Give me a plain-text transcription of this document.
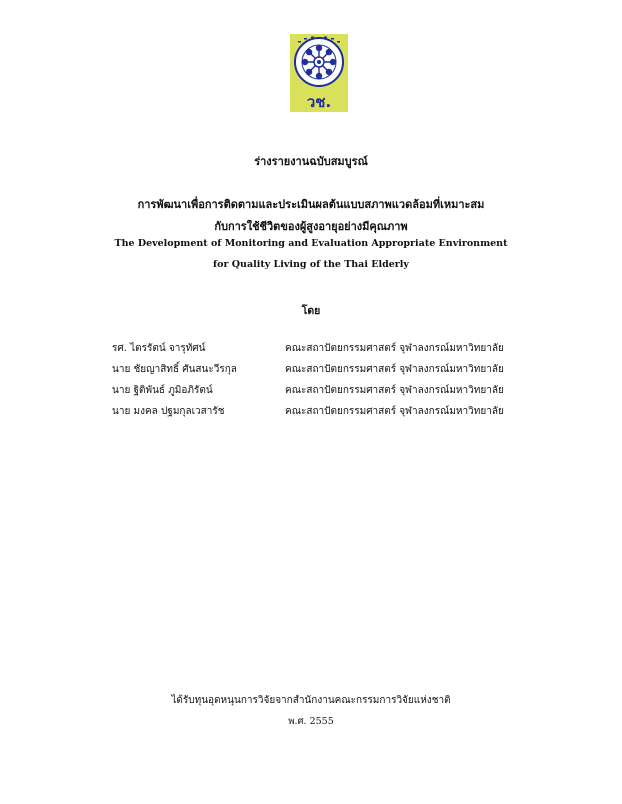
วช.
ร่างรายงานฉบับสมบูรณ์
การพัฒนาเพื่อการติดตามและประเมินผลต้นแบบสภาพแวดล้อมที่เหมาะสม
กับการใช้ชีวิตของผู้สูงอายุอย่างมีคุณภาพ
The Development of Monitoring and Evaluation Appropriate Environment
for Quality Living of the Thai Elderly
โดย
รศ. ไตรรัตน์ จารุทัศน์	คณะสถาปัตยกรรมศาสตร์ จุฬาลงกรณ์มหาวิทยาลัย
นาย ชัยญาสิทธิ์ ศันสนะวีรกุล	คณะสถาปัตยกรรมศาสตร์ จุฬาลงกรณ์มหาวิทยาลัย
นาย ฐิติพันธ์ ภูมิอภิรัตน์	คณะสถาปัตยกรรมศาสตร์ จุฬาลงกรณ์มหาวิทยาลัย
นาย มงคล ปฐมกุลเวสารัช	คณะสถาปัตยกรรมศาสตร์ จุฬาลงกรณ์มหาวิทยาลัย
ได้รับทุนอุดหนุนการวิจัยจากสำนักงานคณะกรรมการวิจัยแห่งชาติ
พ.ศ. 2555
